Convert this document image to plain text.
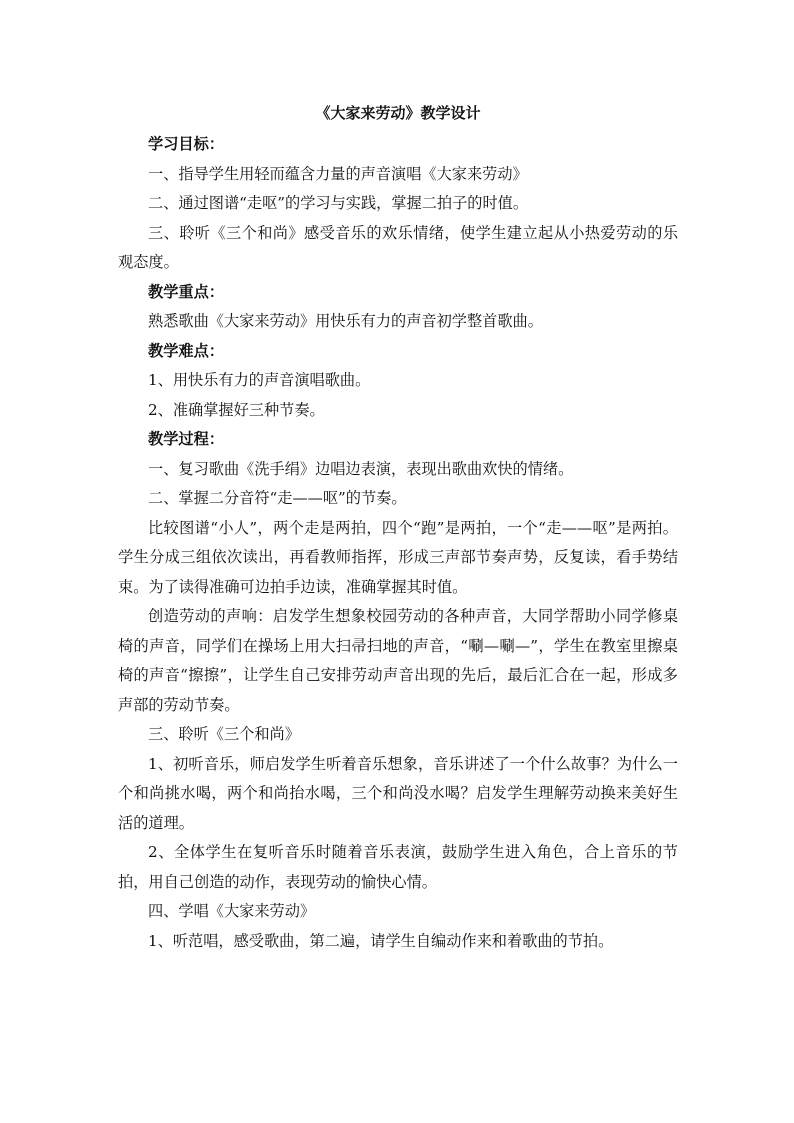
《大家来劳动》教学设计
学习目标：
一、指导学生用轻而蕴含力量的声音演唱《大家来劳动》
二、通过图谱“走呕”的学习与实践，掌握二拍子的时值。
三、聆听《三个和尚》感受音乐的欢乐情绪，使学生建立起从小热爱劳动的乐观态度。
教学重点：
熟悉歌曲《大家来劳动》用快乐有力的声音初学整首歌曲。
教学难点：
1、用快乐有力的声音演唱歌曲。
2、准确掌握好三种节奏。
教学过程：
一、复习歌曲《洗手绢》边唱边表演，表现出歌曲欢快的情绪。
二、掌握二分音符“走——呕”的节奏。
比较图谱“小人”，两个走是两拍，四个“跑”是两拍，一个“走——呕”是两拍。学生分成三组依次读出，再看教师指挥，形成三声部节奏声势，反复读，看手势结束。为了读得准确可边拍手边读，准确掌握其时值。
创造劳动的声响：启发学生想象校园劳动的各种声音，大同学帮助小同学修桌椅的声音，同学们在操场上用大扫帚扫地的声音，“唰—唰—”，学生在教室里擦桌椅的声音“擦擦”，让学生自己安排劳动声音出现的先后，最后汇合在一起，形成多声部的劳动节奏。
三、聆听《三个和尚》
1、初听音乐，师启发学生听着音乐想象，音乐讲述了一个什么故事？为什么一个和尚挑水喝，两个和尚抬水喝，三个和尚没水喝？启发学生理解劳动换来美好生活的道理。
2、全体学生在复听音乐时随着音乐表演，鼓励学生进入角色，合上音乐的节拍，用自己创造的动作，表现劳动的愉快心情。
四、学唱《大家来劳动》
1、听范唱，感受歌曲，第二遍，请学生自编动作来和着歌曲的节拍。
